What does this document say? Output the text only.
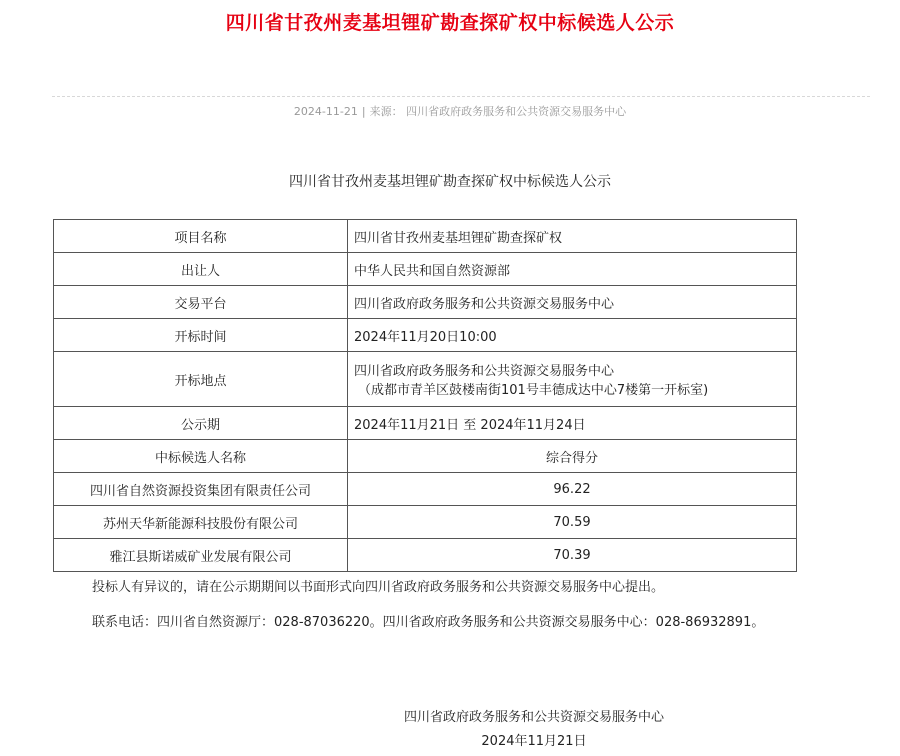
四川省甘孜州麦基坦锂矿勘查探矿权中标候选人公示
2024-11-21 | 来源： 四川省政府政务服务和公共资源交易服务中心
四川省甘孜州麦基坦锂矿勘查探矿权中标候选人公示
项目名称	四川省甘孜州麦基坦锂矿勘查探矿权
出让人	中华人民共和国自然资源部
交易平台	四川省政府政务服务和公共资源交易服务中心
开标时间	2024年11月20日10:00
开标地点	四川省政府政务服务和公共资源交易服务中心
（成都市青羊区鼓楼南街101号丰德成达中心7楼第一开标室)

公示期	2024年11月21日 至 2024年11月24日
中标候选人名称	综合得分
四川省自然资源投资集团有限责任公司	96.22
苏州天华新能源科技股份有限公司	70.59
雅江县斯诺威矿业发展有限公司	70.39
投标人有异议的，请在公示期期间以书面形式向四川省政府政务服务和公共资源交易服务中心提出。
联系电话：四川省自然资源厅：028-87036220。四川省政府政务服务和公共资源交易服务中心：028-86932891。
四川省政府政务服务和公共资源交易服务中心
2024年11月21日
